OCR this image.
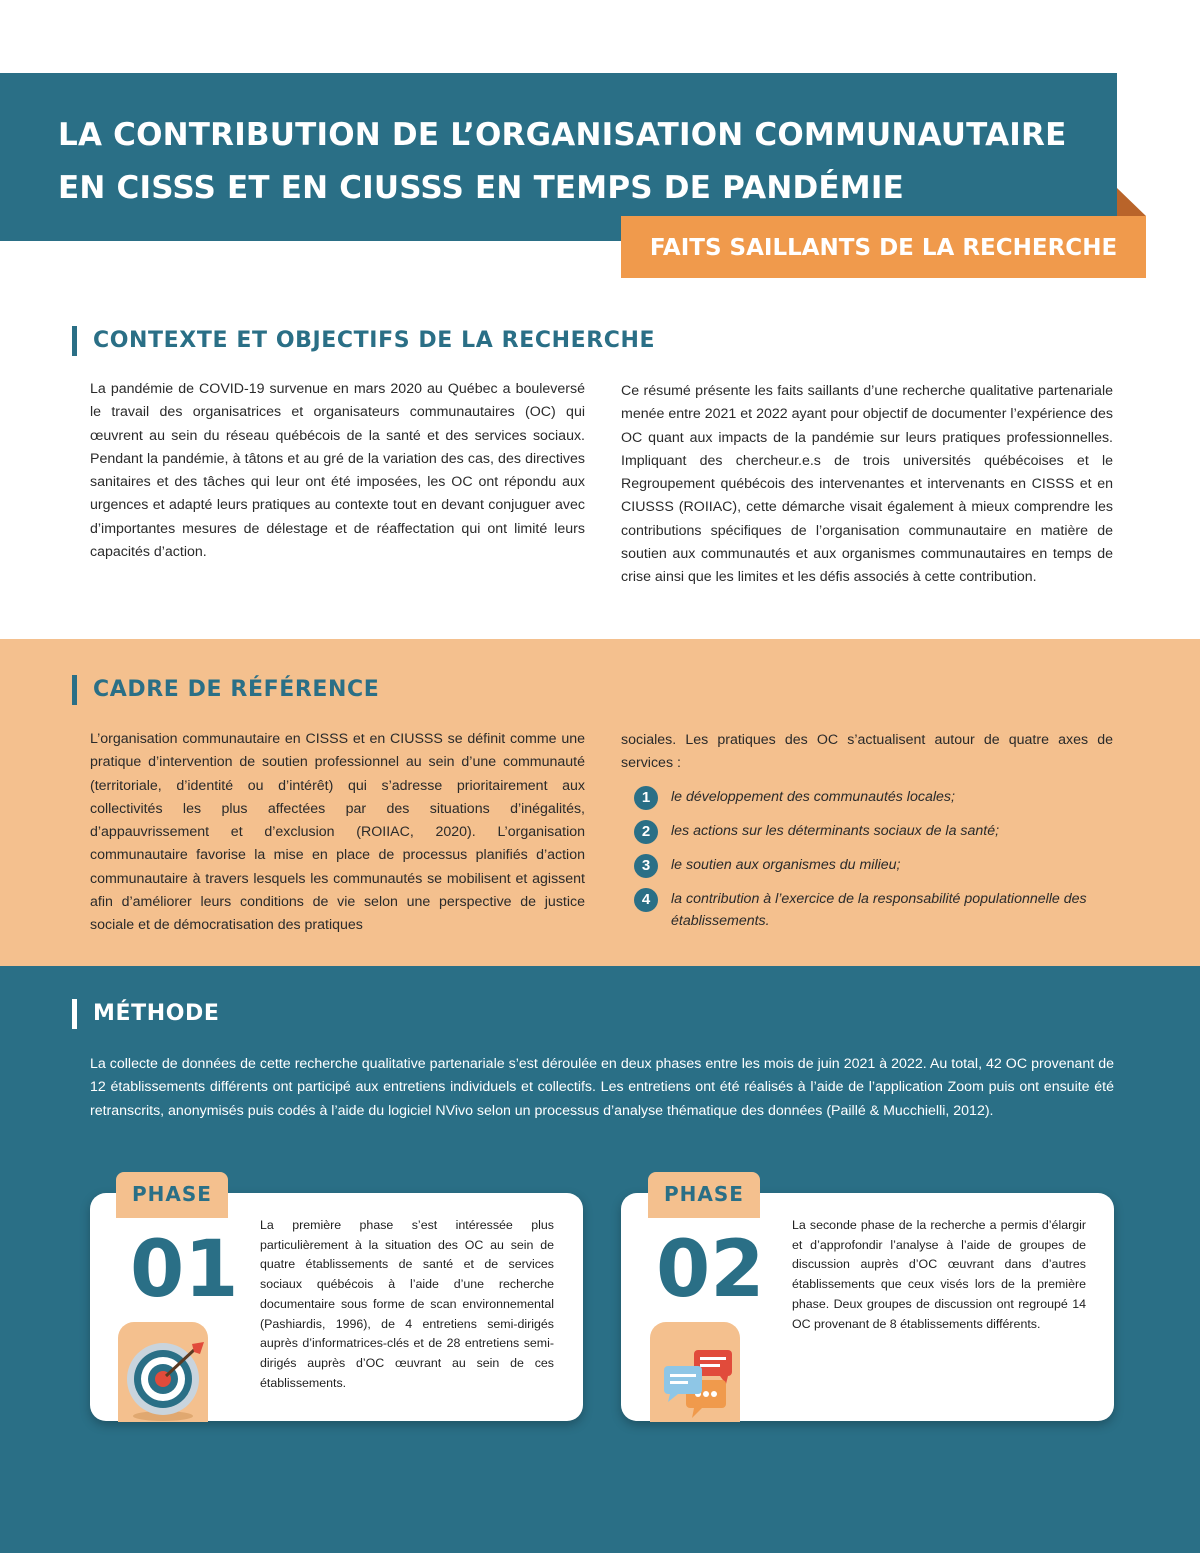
LA CONTRIBUTION DE L’ORGANISATION COMMUNAUTAIRE
EN CISSS ET EN CIUSSS EN TEMPS DE PANDÉMIE
FAITS SAILLANTS DE LA RECHERCHE
CONTEXTE ET OBJECTIFS DE LA RECHERCHE

La pandémie de COVID-19 survenue en mars 2020 au Québec a bouleversé le travail des organisatrices et organisateurs communautaires (OC) qui œuvrent au sein du réseau québécois de la santé et des services sociaux. Pendant la pandémie, à tâtons et au gré de la variation des cas, des directives sanitaires et des tâches qui leur ont été imposées, les OC ont répondu aux urgences et adapté leurs pratiques au contexte tout en devant conjuguer avec d’importantes mesures de délestage et de réaffectation qui ont limité leurs capacités d’action.

Ce résumé présente les faits saillants d’une recherche qualitative partenariale menée entre 2021 et 2022 ayant pour objectif de documenter l’expérience des OC quant aux impacts de la pandémie sur leurs pratiques professionnelles. Impliquant des chercheur.e.s de trois universités québécoises et le Regroupement québécois des intervenantes et intervenants en CISSS et en CIUSSS (ROIIAC), cette démarche visait également à mieux comprendre les contributions spécifiques de l’organisation communautaire en matière de soutien aux communautés et aux organismes communautaires en temps de crise ainsi que les limites et les défis associés à cette contribution.

CADRE DE RÉFÉRENCE

L’organisation communautaire en CISSS et en CIUSSS se définit comme une pratique d’intervention de soutien professionnel au sein d’une communauté (territoriale, d’identité ou d’intérêt) qui s’adresse prioritairement aux collectivités les plus affectées par des situations d’inégalités, d’appauvrissement et d’exclusion (ROIIAC, 2020). L’organisation communautaire favorise la mise en place de processus planifiés d’action communautaire à travers lesquels les communautés se mobilisent et agissent afin d’améliorer leurs conditions de vie selon une perspective de justice sociale et de démocratisation des pratiques

sociales. Les pratiques des OC s’actualisent autour de quatre axes de services :

1	le développement des communautés locales;
2	les actions sur les déterminants sociaux de la santé;
3	le soutien aux organismes du milieu;
4	la contribution à l’exercice de la responsabilité populationnelle des établissements.
MÉTHODE

La collecte de données de cette recherche qualitative partenariale s’est déroulée en deux phases entre les mois de juin 2021 à 2022. Au total, 42 OC provenant de 12 établissements différents ont participé aux entretiens individuels et collectifs. Les entretiens ont été réalisés à l’aide de l’application Zoom puis ont ensuite été retranscrits, anonymisés puis codés à l’aide du logiciel NVivo selon un processus d’analyse thématique des données (Paillé & Mucchielli, 2012).

PHASE
01 La première phase s’est intéressée plus particulièrement à la situation des OC au sein de quatre établissements de santé et de services sociaux québécois à l’aide d’une recherche documentaire sous forme de scan environnemental (Pashiardis, 1996), de 4 entretiens semi-dirigés auprès d’informatrices-clés et de 28 entretiens semi-dirigés auprès d’OC œuvrant au sein de ces établissements.

PHASE
02 La seconde phase de la recherche a permis d’élargir et d’approfondir l’analyse à l’aide de groupes de discussion auprès d’OC œuvrant dans d’autres établissements que ceux visés lors de la première phase. Deux groupes de discussion ont regroupé 14 OC provenant de 8 établissements différents.
